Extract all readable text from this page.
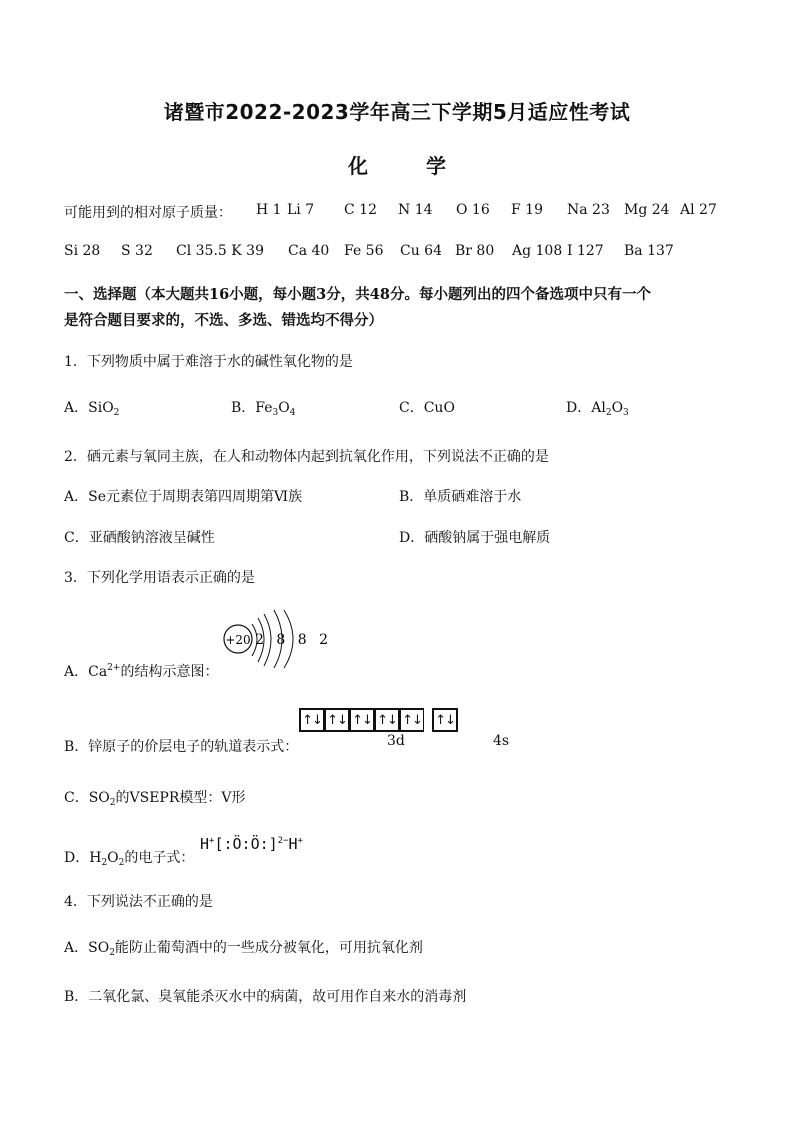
诸暨市2022-2023学年高三下学期5月适应性考试
化	学
可能用到的相对原子质量： H 1 Li 7 C 12 N 14 O 16 F 19 Na 23 Mg 24 Al 27
Si 28 S 32 Cl 35.5 K 39 Ca 40 Fe 56 Cu 64 Br 80 Ag 108 I 127 Ba 137
一、选择题（本大题共16小题，每小题3分，共48分。每小题列出的四个备选项中只有一个
是符合题目要求的，不选、多选、错选均不得分）
1．下列物质中属于难溶于水的碱性氧化物的是
A．SiO$_2$	B．$Fe_3O_4$	C．CuO	D．$Al_2O_3$
2．硒元素与氧同主族，在人和动物体内起到抗氧化作用，下列说法不正确的是
A．Se元素位于周期表第四周期第Ⅵ族	B．单质硒难溶于水
C．亚硒酸钠溶液呈碱性	D．硒酸钠属于强电解质
3．下列化学用语表示正确的是
A．$Ca^{2+}$的结构示意图：
+20 2 8 8 2
B．锌原子的价层电子的轨道表示式：
↑↓ ↑↓ ↑↓ ↑↓ ↑↓ ↑↓
3d	4s
C．$SO_2$的VSEPR模型：V形
D．$H_2O_2$的电子式：
H+[:Ö:Ö:]$^{2-}$H+
4．下列说法不正确的是
A．$SO_2$能防止葡萄酒中的一些成分被氧化，可用抗氧化剂
B．二氧化氯、臭氧能杀灭水中的病菌，故可用作自来水的消毒剂
